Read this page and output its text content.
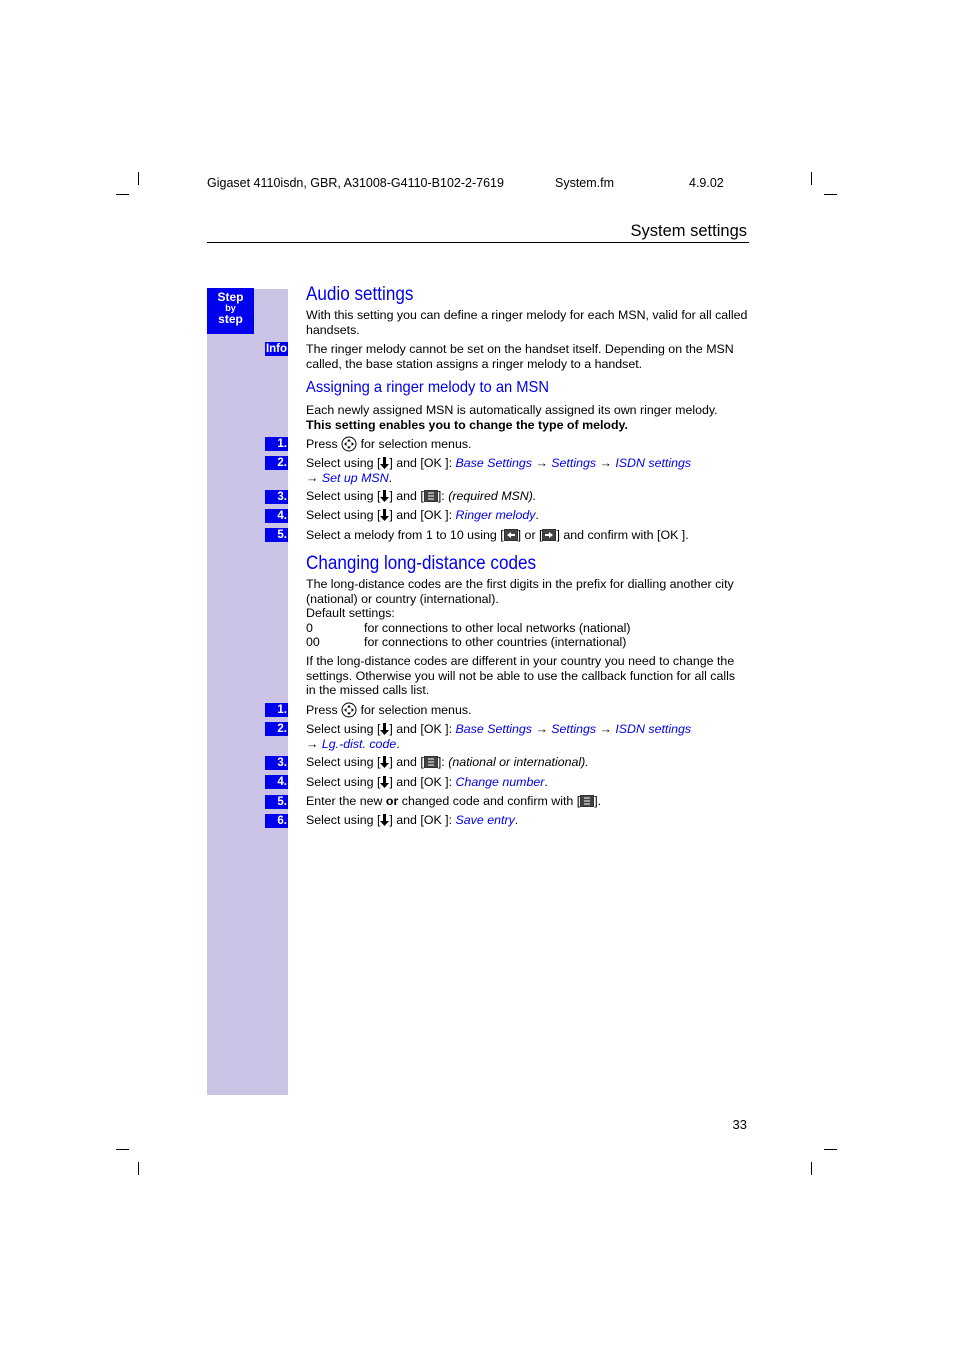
Gigaset 4110isdn, GBR, A31008-G4110-B102-2-7619	System.fm	4.9.02
System settings
Step
by
step
Info
Audio settings
With this setting you can define a ringer melody for each MSN, valid for all called handsets.
The ringer melody cannot be set on the handset itself. Depending on the MSN called, the base station assigns a ringer melody to a handset.
Assigning a ringer melody to an MSN
Each newly assigned MSN is automatically assigned its own ringer melody.
This setting enables you to change the type of melody.
1. Press for selection menus.
2. Select using [ ] and [OK ]: Base Settings → Settings → ISDN settings
→ Set up MSN.
3. Select using [ ] and [ ]: (required MSN).
4. Select using [ ] and [OK ]: Ringer melody.
5. Select a melody from 1 to 10 using [ ] or [ ] and confirm with [OK ].
Changing long-distance codes
The long-distance codes are the first digits in the prefix for dialling another city (national) or country (international).
Default settings:
0	for connections to other local networks (national)
00	for connections to other countries (international)
If the long-distance codes are different in your country you need to change the settings. Otherwise you will not be able to use the callback function for all calls in the missed calls list.
1. Press for selection menus.
2. Select using [ ] and [OK ]: Base Settings → Settings → ISDN settings
→ Lg.-dist. code.
3. Select using [ ] and [ ]: (national or international).
4. Select using [ ] and [OK ]: Change number.
5. Enter the new or changed code and confirm with [ ].
6. Select using [ ] and [OK ]: Save entry.
33
